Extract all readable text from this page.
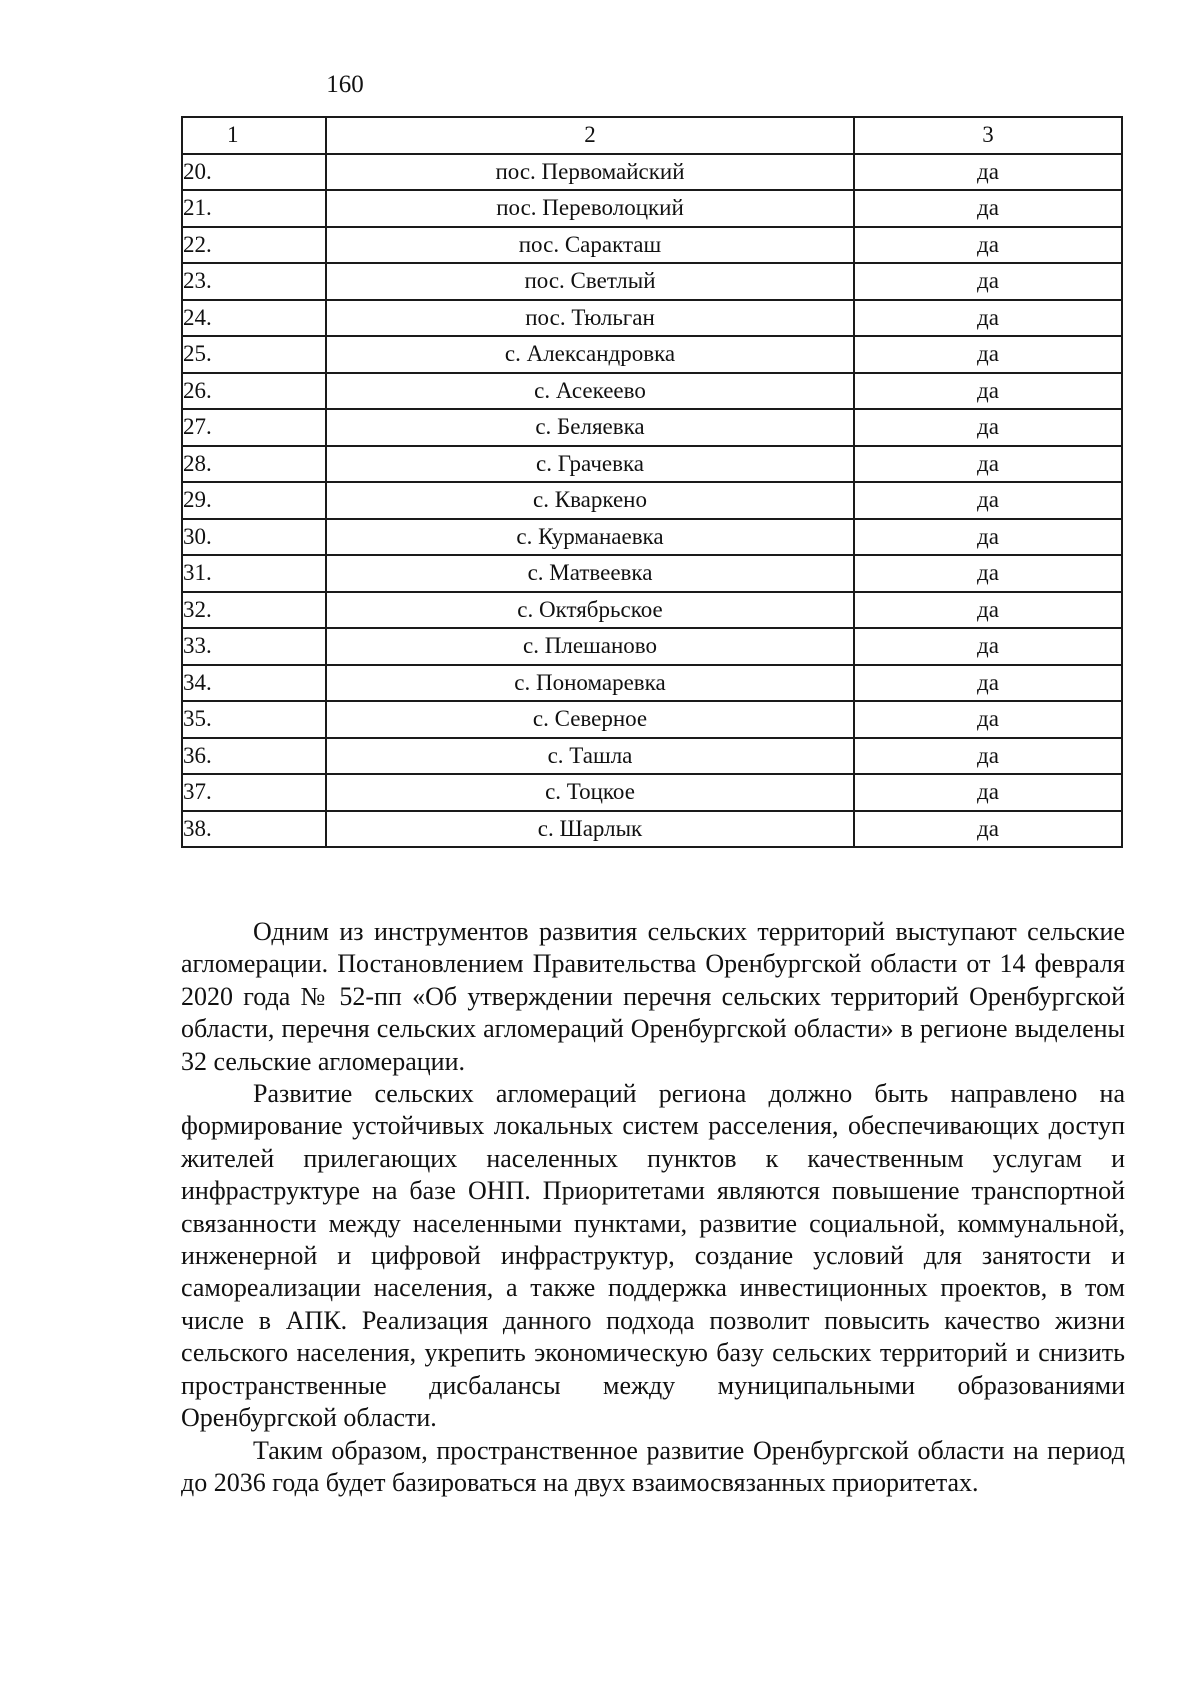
160
1	2	3
20.	пос. Первомайский	да
21.	пос. Переволоцкий	да
22.	пос. Саракташ	да
23.	пос. Светлый	да
24.	пос. Тюльган	да
25.	с. Александровка	да
26.	с. Асекеево	да
27.	с. Беляевка	да
28.	с. Грачевка	да
29.	с. Кваркено	да
30.	с. Курманаевка	да
31.	с. Матвеевка	да
32.	с. Октябрьское	да
33.	с. Плешаново	да
34.	с. Пономаревка	да
35.	с. Северное	да
36.	с. Ташла	да
37.	с. Тоцкое	да
38.	с. Шарлык	да

Одним из инструментов развития сельских территорий выступают сельские агломерации. Постановлением Правительства Оренбургской области от 14 февраля 2020 года № 52-пп «Об утверждении перечня сельских территорий Оренбургской области, перечня сельских агломераций Оренбургской области» в регионе выделены 32 сельские агломерации.

Развитие сельских агломераций региона должно быть направлено на формирование устойчивых локальных систем расселения, обеспечивающих доступ жителей прилегающих населенных пунктов к качественным услугам и инфраструктуре на базе ОНП. Приоритетами являются повышение транспортной связанности между населенными пунктами, развитие социальной, коммунальной, инженерной и цифровой инфраструктур, создание условий для занятости и самореализации населения, а также поддержка инвестиционных проектов, в том числе в АПК. Реализация данного подхода позволит повысить качество жизни сельского населения, укрепить экономическую базу сельских территорий и снизить пространственные дисбалансы между муниципальными образованиями Оренбургской области.

Таким образом, пространственное развитие Оренбургской области на период до 2036 года будет базироваться на двух взаимосвязанных приоритетах.
